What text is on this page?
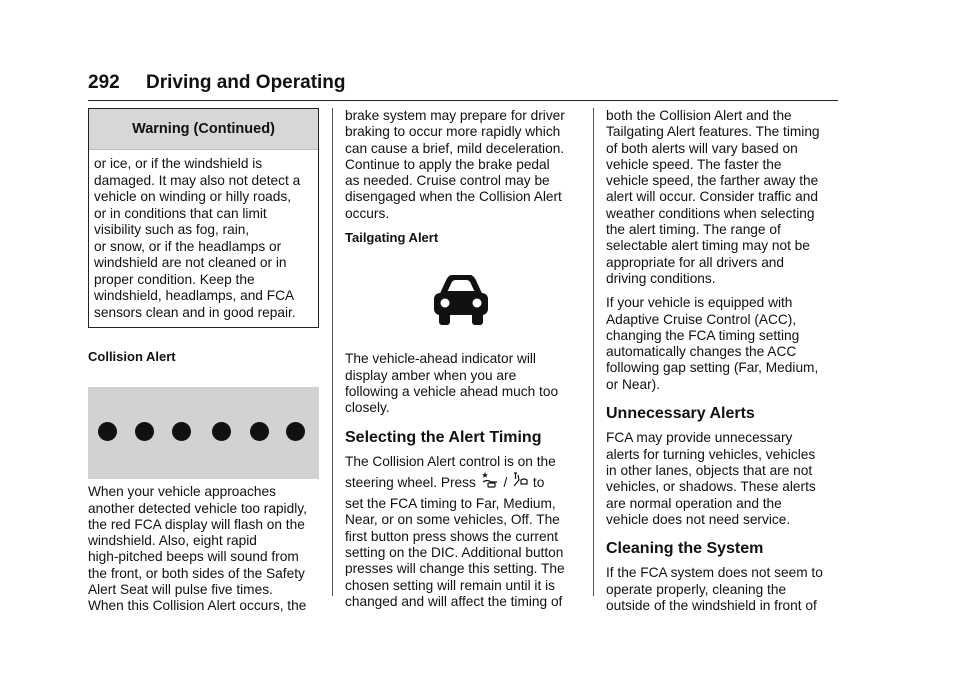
292 Driving and Operating
Warning (Continued)
or ice, or if the windshield is
damaged. It may also not detect a
vehicle on winding or hilly roads,
or in conditions that can limit
visibility such as fog, rain,
or snow, or if the headlamps or
windshield are not cleaned or in
proper condition. Keep the
windshield, headlamps, and FCA
sensors clean and in good repair.
Collision Alert
When your vehicle approaches
another detected vehicle too rapidly,
the red FCA display will flash on the
windshield. Also, eight rapid
high-pitched beeps will sound from
the front, or both sides of the Safety
Alert Seat will pulse five times.
When this Collision Alert occurs, the
brake system may prepare for driver
braking to occur more rapidly which
can cause a brief, mild deceleration.
Continue to apply the brake pedal
as needed. Cruise control may be
disengaged when the Collision Alert
occurs.
Tailgating Alert
The vehicle-ahead indicator will
display amber when you are
following a vehicle ahead much too
closely.
Selecting the Alert Timing
The Collision Alert control is on the
steering wheel. Press / to
set the FCA timing to Far, Medium,
Near, or on some vehicles, Off. The
first button press shows the current
setting on the DIC. Additional button
presses will change this setting. The
chosen setting will remain until it is
changed and will affect the timing of
both the Collision Alert and the
Tailgating Alert features. The timing
of both alerts will vary based on
vehicle speed. The faster the
vehicle speed, the farther away the
alert will occur. Consider traffic and
weather conditions when selecting
the alert timing. The range of
selectable alert timing may not be
appropriate for all drivers and
driving conditions.
If your vehicle is equipped with
Adaptive Cruise Control (ACC),
changing the FCA timing setting
automatically changes the ACC
following gap setting (Far, Medium,
or Near).
Unnecessary Alerts
FCA may provide unnecessary
alerts for turning vehicles, vehicles
in other lanes, objects that are not
vehicles, or shadows. These alerts
are normal operation and the
vehicle does not need service.
Cleaning the System
If the FCA system does not seem to
operate properly, cleaning the
outside of the windshield in front of
